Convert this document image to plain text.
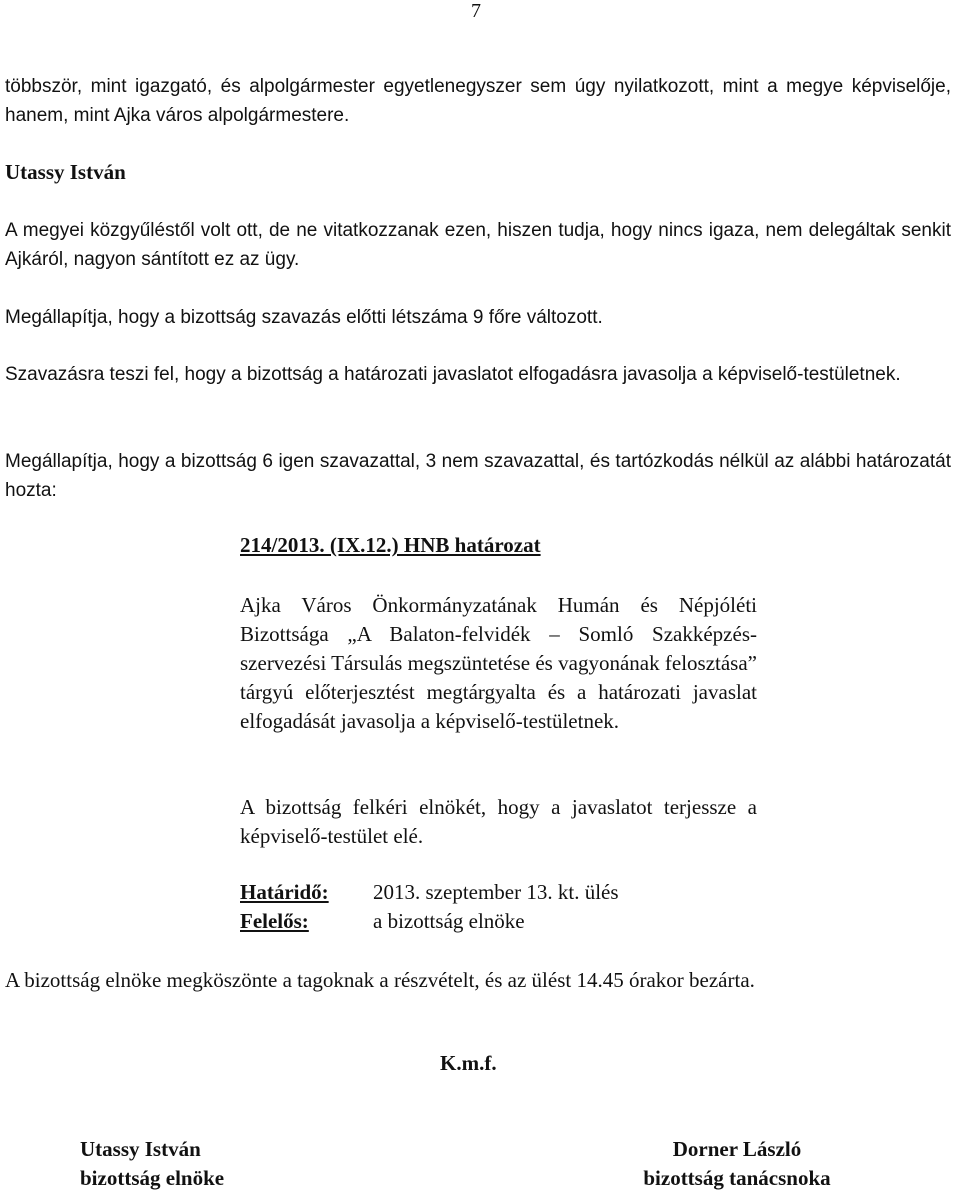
7

többször, mint igazgató, és alpolgármester egyetlenegyszer sem úgy nyilatkozott, mint a megye képviselője, hanem, mint Ajka város alpolgármestere.

Utassy István

A megyei közgyűléstől volt ott, de ne vitatkozzanak ezen, hiszen tudja, hogy nincs igaza, nem delegáltak senkit Ajkáról, nagyon sántított ez az ügy.

Megállapítja, hogy a bizottság szavazás előtti létszáma 9 főre változott.

Szavazásra teszi fel, hogy a bizottság a határozati javaslatot elfogadásra javasolja a képviselő-testületnek.

Megállapítja, hogy a bizottság 6 igen szavazattal, 3 nem szavazattal, és tartózkodás nélkül az alábbi határozatát hozta:

214/2013. (IX.12.) HNB határozat

Ajka Város Önkormányzatának Humán és Népjóléti Bizottsága „A Balaton-felvidék – Somló Szakképzés-szervezési Társulás megszüntetése és vagyonának felosztása” tárgyú előterjesztést megtárgyalta és a határozati javaslat elfogadását javasolja a képviselő-testületnek.

A bizottság felkéri elnökét, hogy a javaslatot terjessze a képviselő-testület elé.

Határidő: 2013. szeptember 13. kt. ülés
Felelős:	a bizottság elnöke

A bizottság elnöke megköszönte a tagoknak a részvételt, és az ülést 14.45 órakor bezárta.

K.m.f.
Utassy István
bizottság elnöke
Dorner László
bizottság tanácsnoka
